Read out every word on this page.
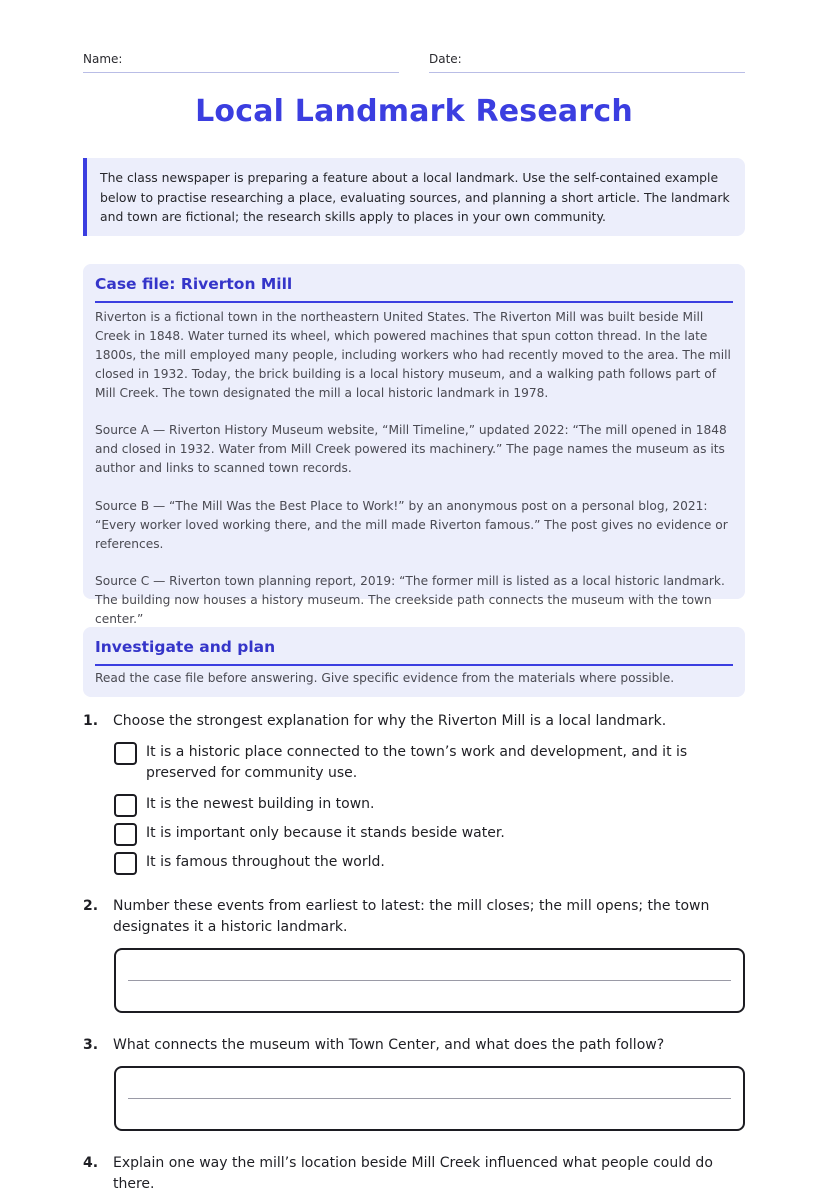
Name:	Date:
Local Landmark Research
The class newspaper is preparing a feature about a local landmark. Use the self-contained example below to practise researching a place, evaluating sources, and planning a short article. The landmark and town are fictional; the research skills apply to places in your own community.
Case file: Riverton Mill

Riverton is a fictional town in the northeastern United States. The Riverton Mill was built beside Mill Creek in 1848. Water turned its wheel, which powered machines that spun cotton thread. In the late 1800s, the mill employed many people, including workers who had recently moved to the area. The mill closed in 1932. Today, the brick building is a local history museum, and a walking path follows part of Mill Creek. The town designated the mill a local historic landmark in 1978.

Source A — Riverton History Museum website, “Mill Timeline,” updated 2022: “The mill opened in 1848 and closed in 1932. Water from Mill Creek powered its machinery.” The page names the museum as its author and links to scanned town records.

Source B — “The Mill Was the Best Place to Work!” by an anonymous post on a personal blog, 2021: “Every worker loved working there, and the mill made Riverton famous.” The post gives no evidence or references.

Source C — Riverton town planning report, 2019: “The former mill is listed as a local historic landmark. The building now houses a history museum. The creekside path connects the museum with the town center.”

Investigate and plan
Read the case file before answering. Give specific evidence from the materials where possible.
1. Choose the strongest explanation for why the Riverton Mill is a local landmark.
It is a historic place connected to the town’s work and development, and it is preserved for community use.
It is the newest building in town.
It is important only because it stands beside water.
It is famous throughout the world.
2. Number these events from earliest to latest: the mill closes; the mill opens; the town designates it a historic landmark.
3. What connects the museum with Town Center, and what does the path follow?
4. Explain one way the mill’s location beside Mill Creek influenced what people could do there.
